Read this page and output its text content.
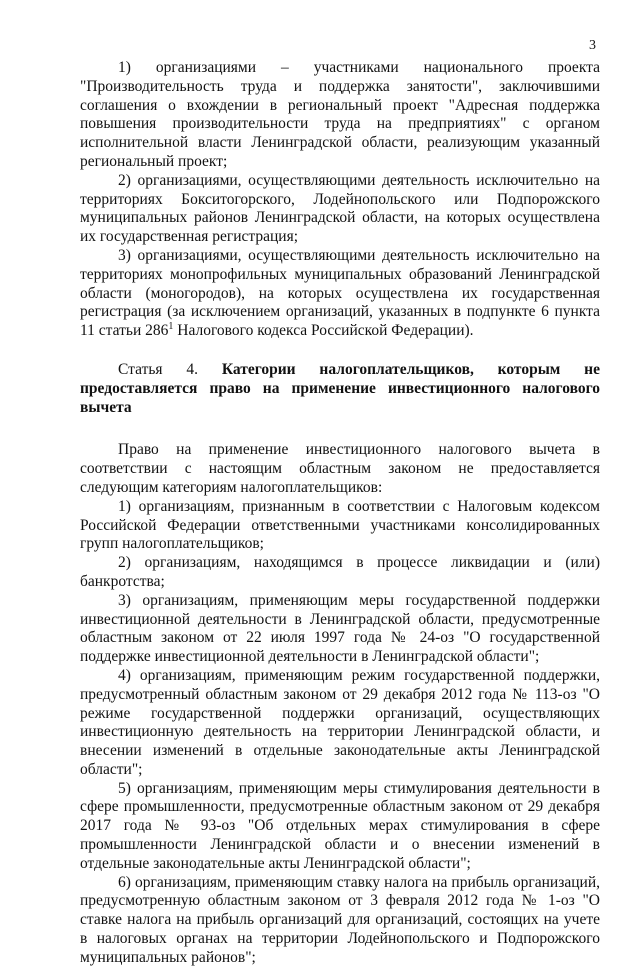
3

1) организациями – участниками национального проекта "Производительность труда и поддержка занятости", заключившими соглашения о вхождении в региональный проект "Адресная поддержка повышения производительности труда на предприятиях" с органом исполнительной власти Ленинградской области, реализующим указанный региональный проект;

2) организациями, осуществляющими деятельность исключительно на территориях Бокситогорского, Лодейнопольского или Подпорожского муниципальных районов Ленинградской области, на которых осуществлена их государственная регистрация;

3) организациями, осуществляющими деятельность исключительно на территориях монопрофильных муниципальных образований Ленинградской области (моногородов), на которых осуществлена их государственная регистрация (за исключением организаций, указанных в подпункте 6 пункта 11 статьи $286^1$ Налогового кодекса Российской Федерации).

Статья 4. Категории налогоплательщиков, которым не предоставляется право на применение инвестиционного налогового вычета

Право на применение инвестиционного налогового вычета в соответствии с настоящим областным законом не предоставляется следующим категориям налогоплательщиков:

1) организациям, признанным в соответствии с Налоговым кодексом Российской Федерации ответственными участниками консолидированных групп налогоплательщиков;

2) организациям, находящимся в процессе ликвидации и (или) банкротства;

3) организациям, применяющим меры государственной поддержки инвестиционной деятельности в Ленинградской области, предусмотренные областным законом от 22 июля 1997 года № 24-оз "О государственной поддержке инвестиционной деятельности в Ленинградской области";

4) организациям, применяющим режим государственной поддержки, предусмотренный областным законом от 29 декабря 2012 года № 113-оз "О режиме государственной поддержки организаций, осуществляющих инвестиционную деятельность на территории Ленинградской области, и внесении изменений в отдельные законодательные акты Ленинградской области";

5) организациям, применяющим меры стимулирования деятельности в сфере промышленности, предусмотренные областным законом от 29 декабря 2017 года № 93-оз "Об отдельных мерах стимулирования в сфере промышленности Ленинградской области и о внесении изменений в отдельные законодательные акты Ленинградской области";

6) организациям, применяющим ставку налога на прибыль организаций, предусмотренную областным законом от 3 февраля 2012 года № 1-оз "О ставке налога на прибыль организаций для организаций, состоящих на учете в налоговых органах на территории Лодейнопольского и Подпорожского муниципальных районов";
